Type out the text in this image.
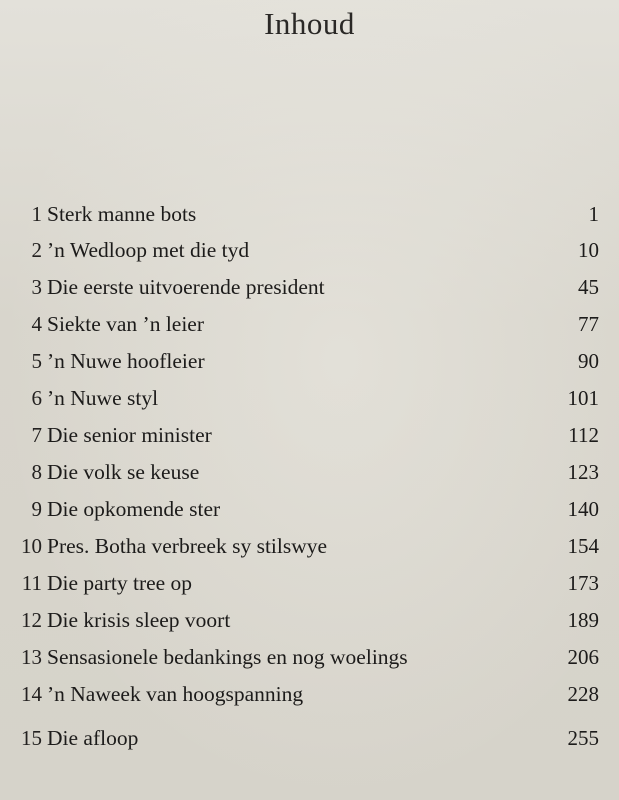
Inhoud
1 Sterk manne bots	1
2 ’n Wedloop met die tyd	10
3 Die eerste uitvoerende president	45
4 Siekte van ’n leier	77
5 ’n Nuwe hoofleier	90
6 ’n Nuwe styl	101
7 Die senior minister	112
8 Die volk se keuse	123
9 Die opkomende ster	140
10 Pres. Botha verbreek sy stilswye	154
11 Die party tree op	173
12 Die krisis sleep voort	189
13 Sensasionele bedankings en nog woelings	206
14 ’n Naweek van hoogspanning	228
15 Die afloop	255
